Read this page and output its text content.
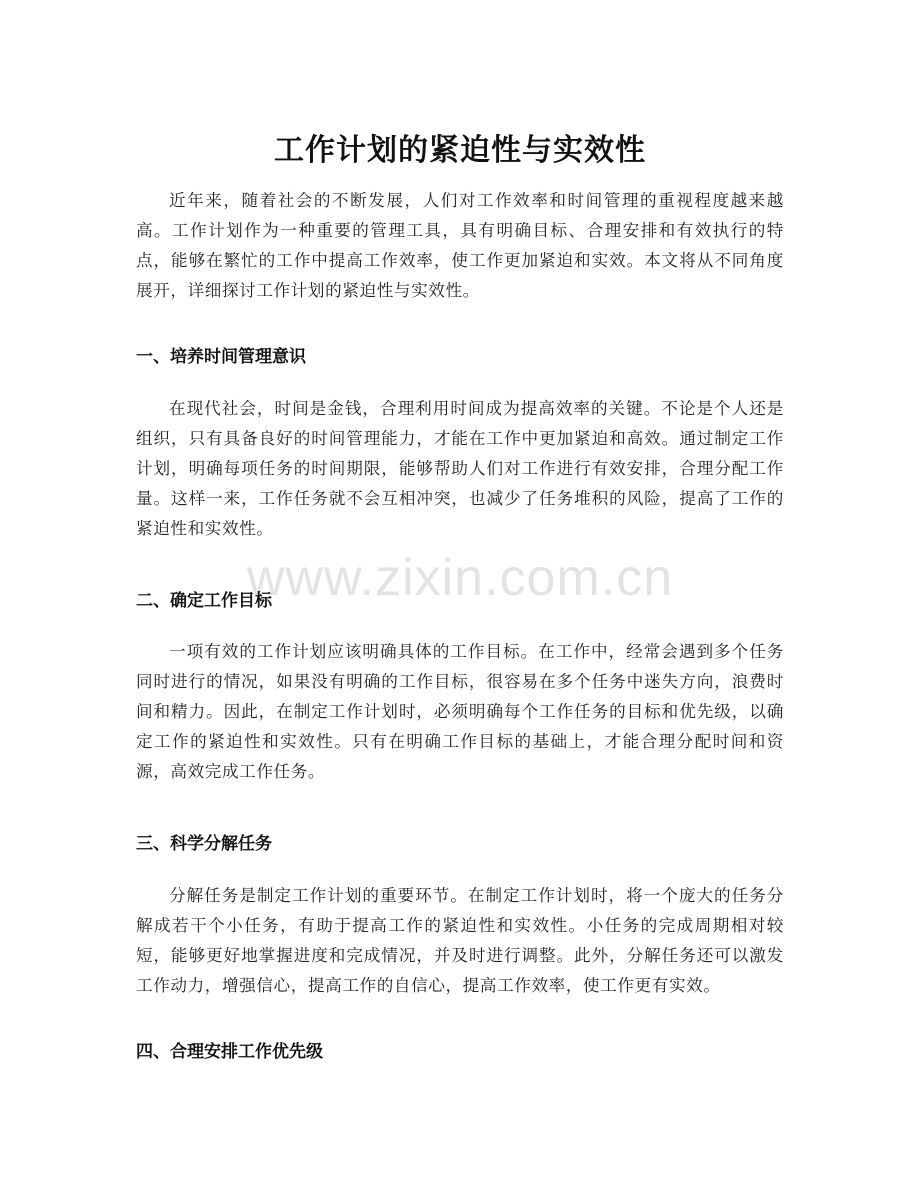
工作计划的紧迫性与实效性

近年来，随着社会的不断发展，人们对工作效率和时间管理的重视程度越来越高。工作计划作为一种重要的管理工具，具有明确目标、合理安排和有效执行的特点，能够在繁忙的工作中提高工作效率，使工作更加紧迫和实效。本文将从不同角度展开，详细探讨工作计划的紧迫性与实效性。

一、培养时间管理意识

在现代社会，时间是金钱，合理利用时间成为提高效率的关键。不论是个人还是组织，只有具备良好的时间管理能力，才能在工作中更加紧迫和高效。通过制定工作计划，明确每项任务的时间期限，能够帮助人们对工作进行有效安排，合理分配工作量。这样一来，工作任务就不会互相冲突，也减少了任务堆积的风险，提高了工作的紧迫性和实效性。

二、确定工作目标

一项有效的工作计划应该明确具体的工作目标。在工作中，经常会遇到多个任务同时进行的情况，如果没有明确的工作目标，很容易在多个任务中迷失方向，浪费时间和精力。因此，在制定工作计划时，必须明确每个工作任务的目标和优先级，以确定工作的紧迫性和实效性。只有在明确工作目标的基础上，才能合理分配时间和资源，高效完成工作任务。

三、科学分解任务

分解任务是制定工作计划的重要环节。在制定工作计划时，将一个庞大的任务分解成若干个小任务，有助于提高工作的紧迫性和实效性。小任务的完成周期相对较短，能够更好地掌握进度和完成情况，并及时进行调整。此外，分解任务还可以激发工作动力，增强信心，提高工作的自信心，提高工作效率，使工作更有实效。

四、合理安排工作优先级
www.zixin.com.cn
